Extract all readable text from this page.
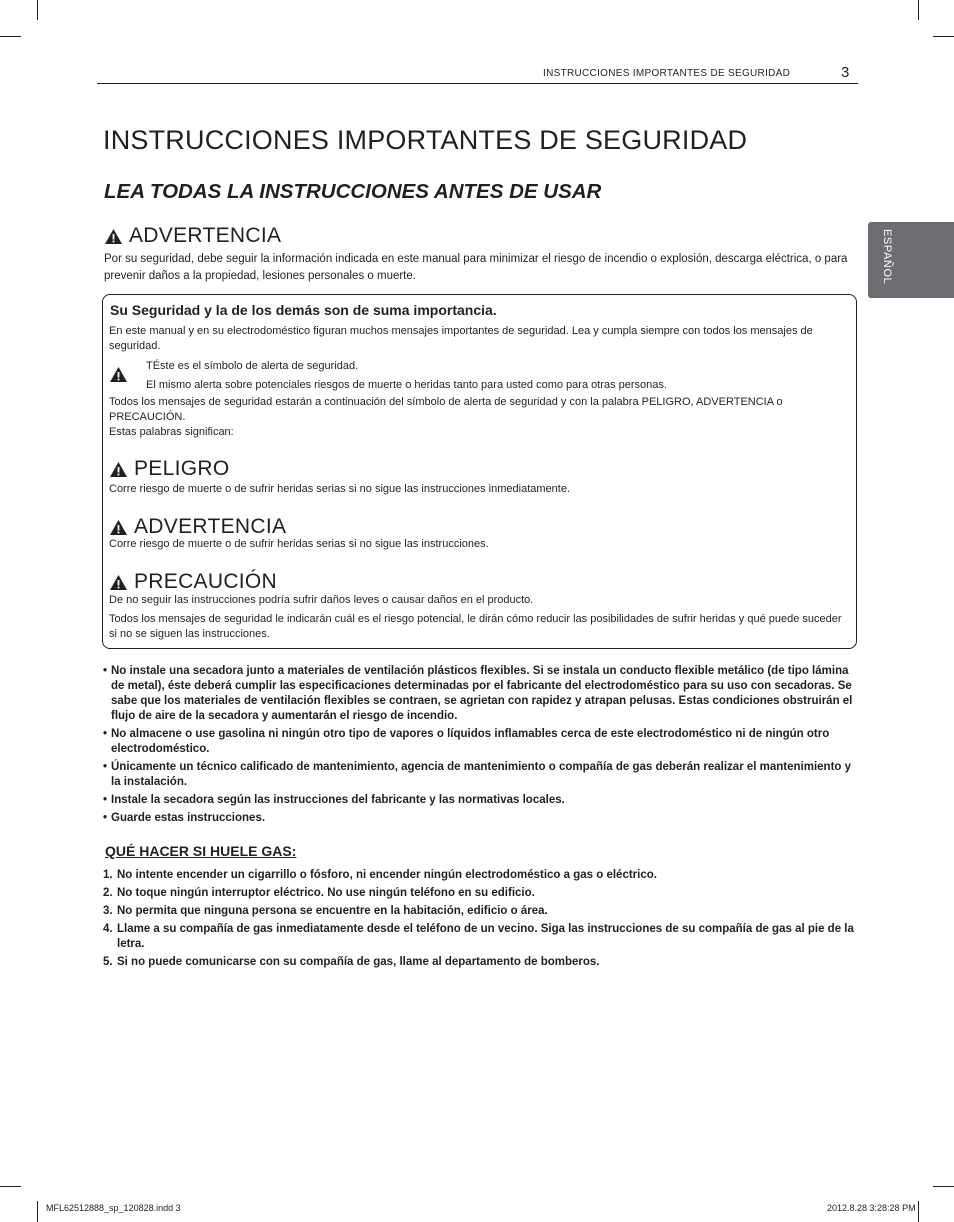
INSTRUCCIONES IMPORTANTES DE SEGURIDAD	3
ESPAÑOL
INSTRUCCIONES IMPORTANTES DE SEGURIDAD
LEA TODAS LA INSTRUCCIONES ANTES DE USAR
ADVERTENCIA

Por su seguridad, debe seguir la información indicada en este manual para minimizar el riesgo de incendio o explosión, descarga eléctrica, o para prevenir daños a la propiedad, lesiones personales o muerte.

Su Seguridad y la de los demás son de suma importancia.

En este manual y en su electrodoméstico figuran muchos mensajes importantes de seguridad. Lea y cumpla siempre con todos los mensajes de seguridad.

TÉste es el símbolo de alerta de seguridad.

El mismo alerta sobre potenciales riesgos de muerte o heridas tanto para usted como para otras personas.

Todos los mensajes de seguridad estarán a continuación del símbolo de alerta de seguridad y con la palabra PELIGRO, ADVERTENCIA o PRECAUCIÓN.

Estas palabras significan:

PELIGRO

Corre riesgo de muerte o de sufrir heridas serias si no sigue las instrucciones inmediatamente.

ADVERTENCIA

Corre riesgo de muerte o de sufrir heridas serias si no sigue las instrucciones.

PRECAUCIÓN

De no seguir las instrucciones podría sufrir daños leves o causar daños en el producto.

Todos los mensajes de seguridad le indicarán cuál es el riesgo potencial, le dirán cómo reducir las posibilidades de sufrir heridas y qué puede suceder si no se siguen las instrucciones.

• No instale una secadora junto a materiales de ventilación plásticos flexibles. Si se instala un conducto flexible metálico (de tipo lámina de metal), éste deberá cumplir las especificaciones determinadas por el fabricante del electrodoméstico para su uso con secadoras. Se sabe que los materiales de ventilación flexibles se contraen, se agrietan con rapidez y atrapan pelusas. Estas condiciones obstruirán el flujo de aire de la secadora y aumentarán el riesgo de incendio.
• No almacene o use gasolina ni ningún otro tipo de vapores o líquidos inflamables cerca de este electrodoméstico ni de ningún otro electrodoméstico.
• Únicamente un técnico calificado de mantenimiento, agencia de mantenimiento o compañía de gas deberán realizar el mantenimiento y la instalación.
• Instale la secadora según las instrucciones del fabricante y las normativas locales.
• Guarde estas instrucciones.

QUÉ HACER SI HUELE GAS:

1. No intente encender un cigarrillo o fósforo, ni encender ningún electrodoméstico a gas o eléctrico.
2. No toque ningún interruptor eléctrico. No use ningún teléfono en su edificio.
3. No permita que ninguna persona se encuentre en la habitación, edificio o área.
4. Llame a su compañía de gas inmediatamente desde el teléfono de un vecino. Siga las instrucciones de su compañía de gas al pie de la letra.
5. Si no puede comunicarse con su compañía de gas, llame al departamento de bomberos.
MFL62512888_sp_120828.indd 3	2012.8.28 3:28:28 PM
